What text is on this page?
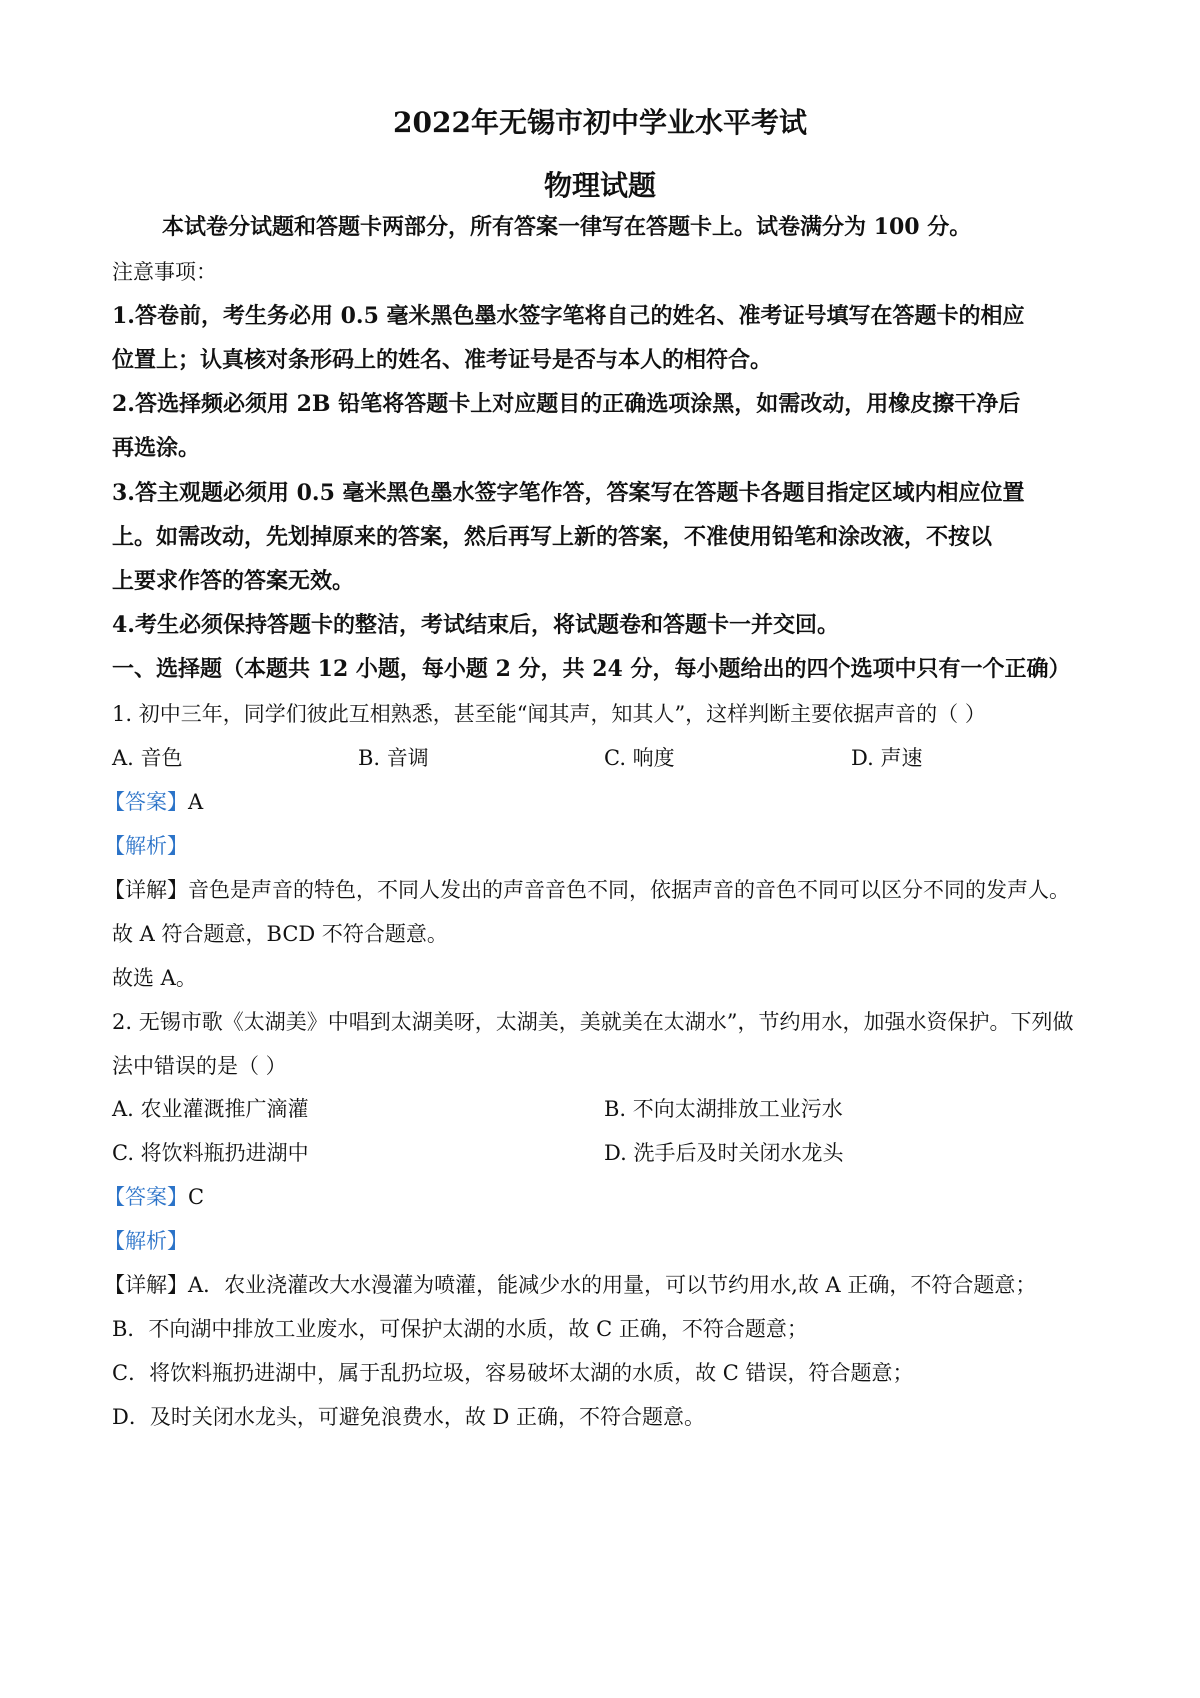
2022年无锡市初中学业水平考试
物理试题
本试卷分试题和答题卡两部分，所有答案一律写在答题卡上。试卷满分为 100 分。
注意事项：
1.答卷前，考生务必用 0.5 毫米黑色墨水签字笔将自己的姓名、准考证号填写在答题卡的相应
位置上；认真核对条形码上的姓名、准考证号是否与本人的相符合。
2.答选择频必须用 2B 铅笔将答题卡上对应题目的正确选项涂黑，如需改动，用橡皮擦干净后
再选涂。
3.答主观题必须用 0.5 毫米黑色墨水签字笔作答，答案写在答题卡各题目指定区域内相应位置
上。如需改动，先划掉原来的答案，然后再写上新的答案，不准使用铅笔和涂改液，不按以
上要求作答的答案无效。
4.考生必须保持答题卡的整洁，考试结束后，将试题卷和答题卡一并交回。
一、选择题（本题共 12 小题，每小题 2 分，共 24 分，每小题给出的四个选项中只有一个正确）
1. 初中三年，同学们彼此互相熟悉，甚至能“闻其声，知其人”，这样判断主要依据声音的（ ）
A. 音色	B. 音调	C. 响度	D. 声速
【答案】A
【解析】
【详解】音色是声音的特色，不同人发出的声音音色不同，依据声音的音色不同可以区分不同的发声人。
故 A 符合题意，BCD 不符合题意。
故选 A。
2. 无锡市歌《太湖美》中唱到太湖美呀，太湖美，美就美在太湖水”，节约用水，加强水资保护。下列做
法中错误的是（ ）
A. 农业灌溉推广滴灌	B. 不向太湖排放工业污水
C. 将饮料瓶扔进湖中	D. 洗手后及时关闭水龙头
【答案】C
【解析】
【详解】A．农业浇灌改大水漫灌为喷灌，能减少水的用量，可以节约用水,故 A 正确，不符合题意；
B．不向湖中排放工业废水，可保护太湖的水质，故 C 正确，不符合题意；
C．将饮料瓶扔进湖中，属于乱扔垃圾，容易破坏太湖的水质，故 C 错误，符合题意；
D．及时关闭水龙头，可避免浪费水，故 D 正确，不符合题意。
